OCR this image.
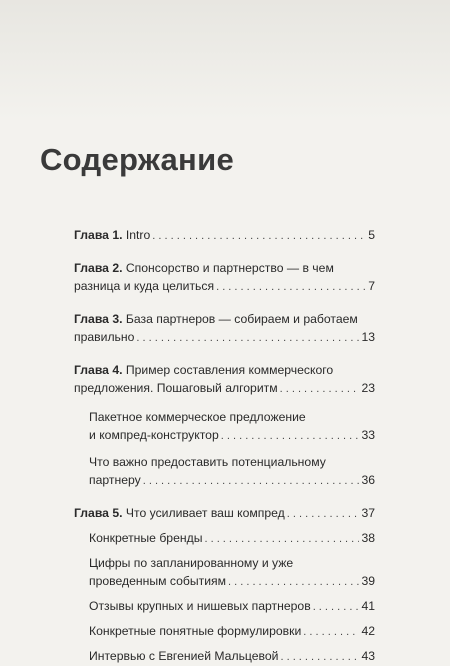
Содержание
Глава 1. Intro . . .	5
Глава 2. Спонсорство и партнерство — в чем
разница и куда целиться . . .	7
Глава 3. База партнеров — собираем и работаем
правильно . . .	13
Глава 4. Пример составления коммерческого
предложения. Пошаговый алгоритм . . .	23
Пакетное коммерческое предложение
и компред-конструктор . . .	33
Что важно предоставить потенциальному
партнеру . . .	36
Глава 5. Что усиливает ваш компред . . .	37
Конкретные бренды . . .	38
Цифры по запланированному и уже
проведенным событиям . . .	39
Отзывы крупных и нишевых партнеров . . .	41
Конкретные понятные формулировки . . .	42
Интервью с Евгенией Мальцевой . . .	43
